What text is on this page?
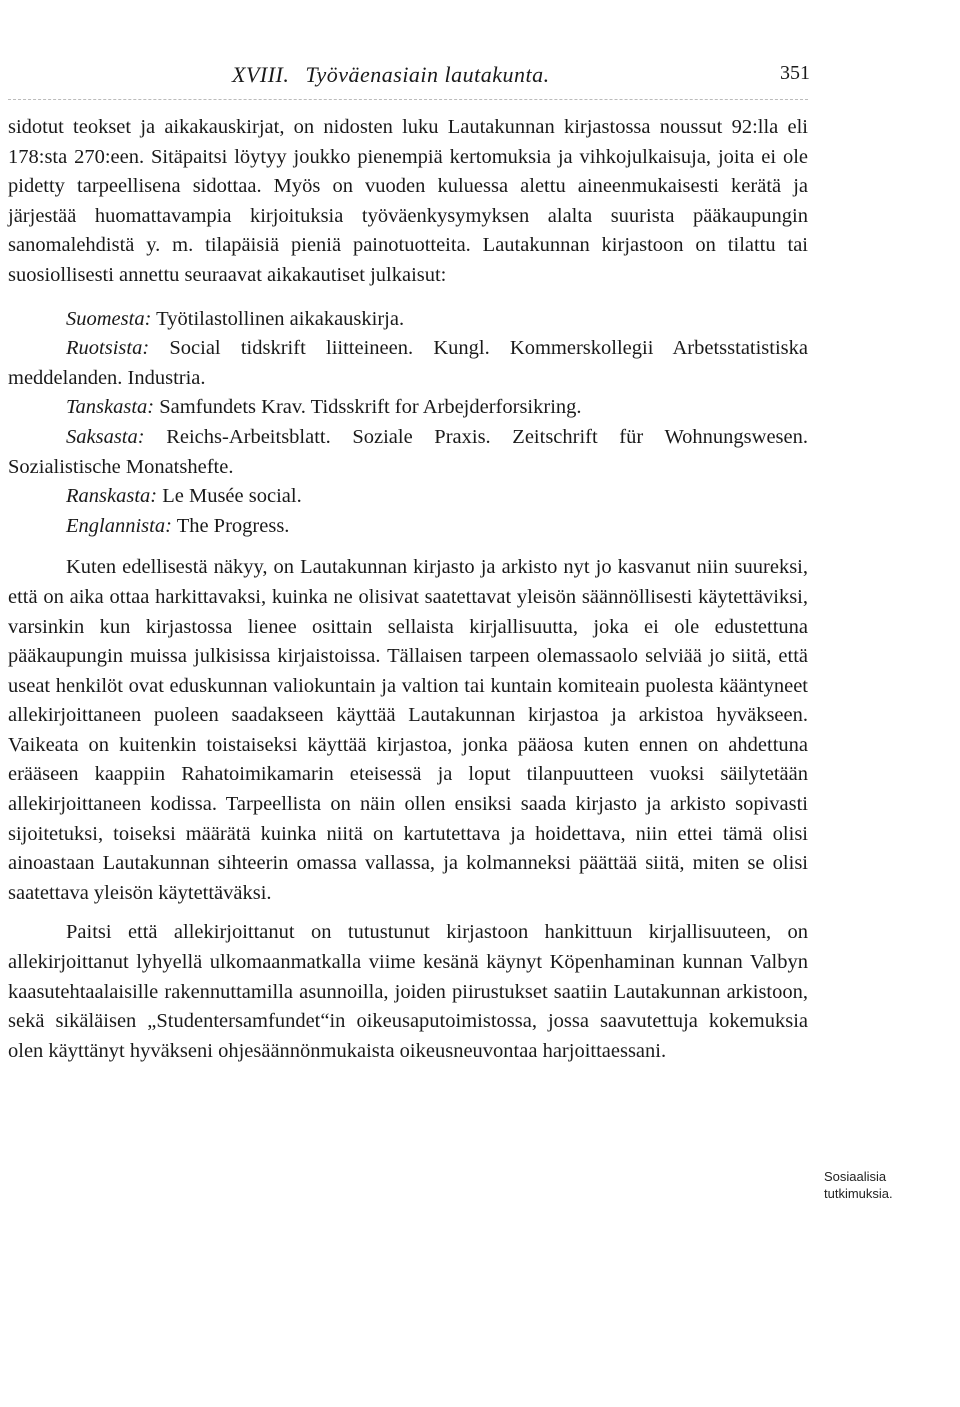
XVIII. Työväenasiain lautakunta.	351

sidotut teokset ja aikakauskirjat, on nidosten luku Lautakunnan kirjastossa noussut 92:lla eli 178:sta 270:een. Sitäpaitsi löytyy joukko pienempiä kertomuksia ja vihkojulkaisuja, joita ei ole pidetty tarpeellisena sidottaa. Myös on vuoden kuluessa alettu aineenmukaisesti kerätä ja järjestää huomattavampia kirjoituksia työväenkysymyksen alalta suurista pääkaupungin sanomalehdistä y. m. tilapäisiä pieniä painotuotteita. Lautakunnan kirjastoon on tilattu tai suosiollisesti annettu seuraavat aikakautiset julkaisut:

Suomesta: Työtilastollinen aikakauskirja.

Ruotsista: Social tidskrift liitteineen. Kungl. Kommerskollegii Arbetsstatistiska meddelanden. Industria.

Tanskasta: Samfundets Krav. Tidsskrift for Arbejderforsikring.

Saksasta: Reichs-Arbeitsblatt. Soziale Praxis. Zeitschrift für Wohnungswesen. Sozialistische Monatshefte.

Ranskasta: Le Musée social.

Englannista: The Progress.

Kuten edellisestä näkyy, on Lautakunnan kirjasto ja arkisto nyt jo kasvanut niin suureksi, että on aika ottaa harkittavaksi, kuinka ne olisivat saatettavat yleisön säännöllisesti käytettäviksi, varsinkin kun kirjastossa lienee osittain sellaista kirjallisuutta, joka ei ole edustettuna pääkaupungin muissa julkisissa kirjaistoissa. Tällaisen tarpeen olemassaolo selviää jo siitä, että useat henkilöt ovat eduskunnan valiokuntain ja valtion tai kuntain komiteain puolesta kääntyneet allekirjoittaneen puoleen saadakseen käyttää Lautakunnan kirjastoa ja arkistoa hyväkseen. Vaikeata on kuitenkin toistaiseksi käyttää kirjastoa, jonka pääosa kuten ennen on ahdettuna erääseen kaappiin Rahatoimikamarin eteisessä ja loput tilanpuutteen vuoksi säilytetään allekirjoittaneen kodissa. Tarpeellista on näin ollen ensiksi saada kirjasto ja arkisto sopivasti sijoitetuksi, toiseksi määrätä kuinka niitä on kartutettava ja hoidettava, niin ettei tämä olisi ainoastaan Lautakunnan sihteerin omassa vallassa, ja kolmanneksi päättää siitä, miten se olisi saatettava yleisön käytettäväksi.

Paitsi että allekirjoittanut on tutustunut kirjastoon hankittuun kirjallisuuteen, on allekirjoittanut lyhyellä ulkomaanmatkalla viime kesänä käynyt Köpenhaminan kunnan Valbyn kaasutehtaalaisille rakennuttamilla asunnoilla, joiden piirustukset saatiin Lautakunnan arkistoon, sekä sikäläisen „Studentersamfundet“in oikeusaputoimistossa, jossa saavutettuja kokemuksia olen käyttänyt hyväkseni ohjesäännönmukaista oikeusneuvontaa harjoittaessani.

Sosiaalisia tutkimuksia.
